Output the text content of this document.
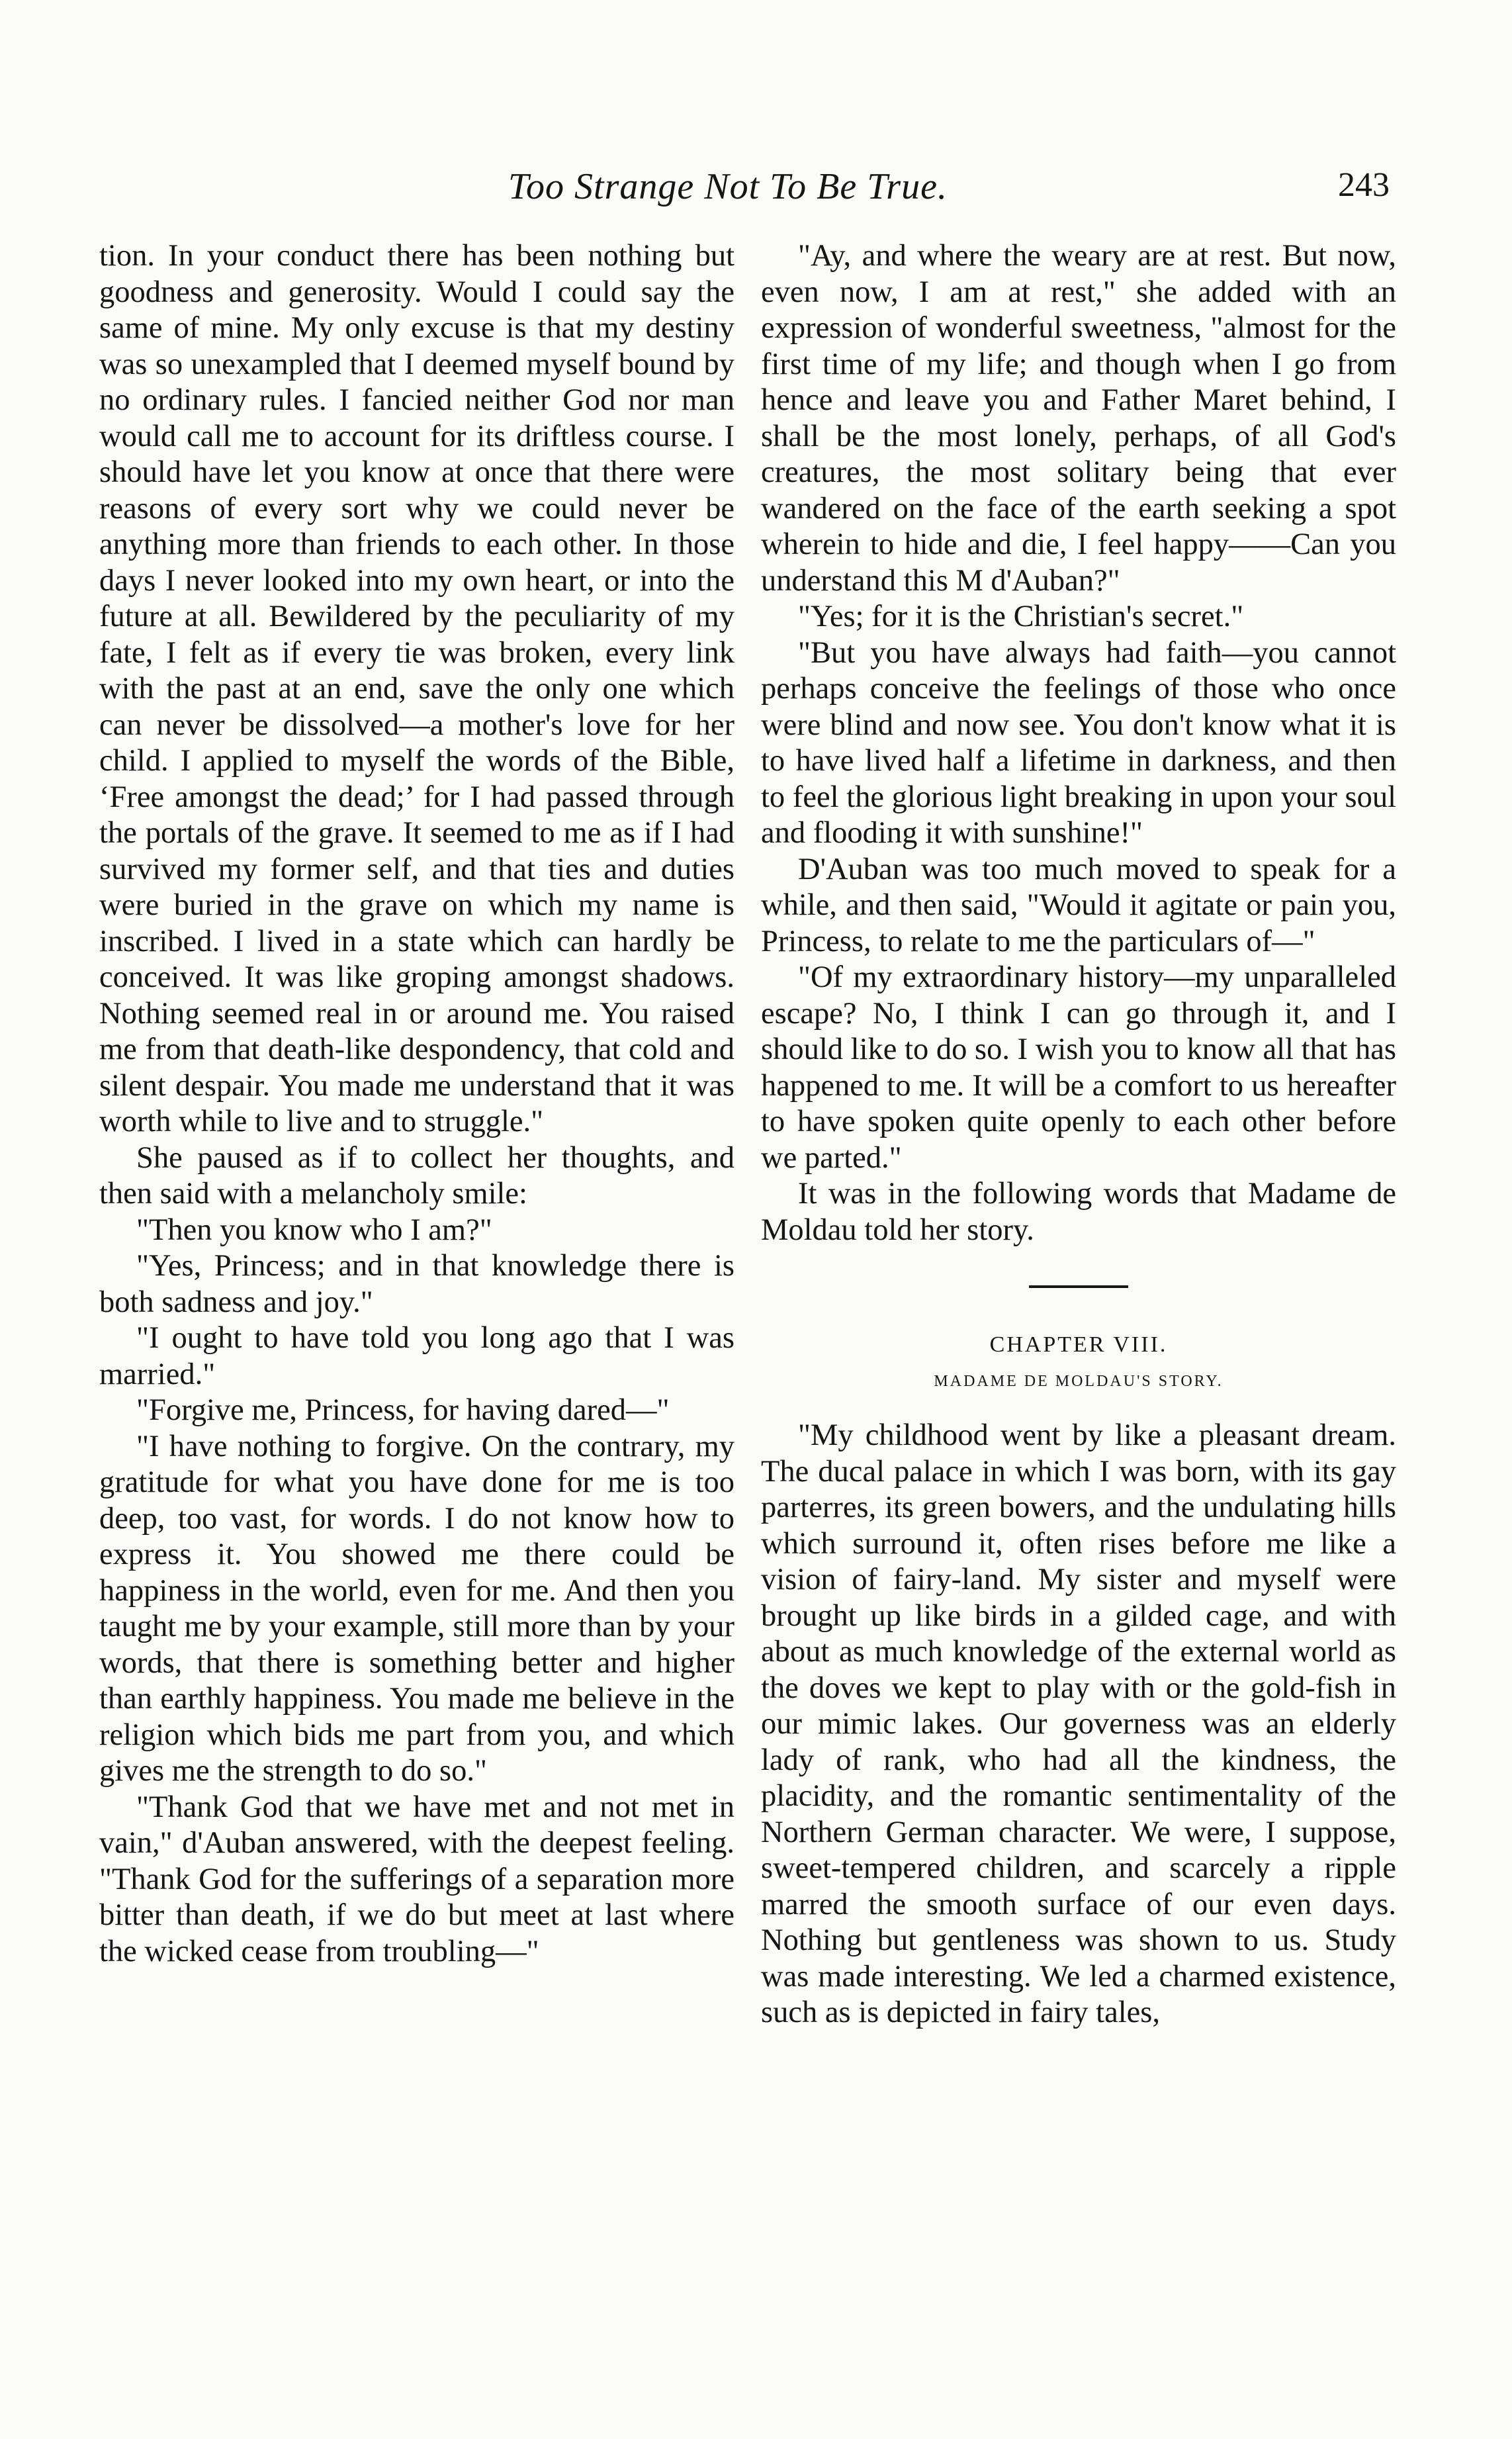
Too Strange Not To Be True.	243

tion. In your conduct there has been nothing but goodness and generosity. Would I could say the same of mine. My only excuse is that my destiny was so unexampled that I deemed myself bound by no ordinary rules. I fancied neither God nor man would call me to account for its driftless course. I should have let you know at once that there were reasons of every sort why we could never be anything more than friends to each other. In those days I never looked into my own heart, or into the future at all. Bewildered by the peculiarity of my fate, I felt as if every tie was broken, every link with the past at an end, save the only one which can never be dissolved—a mother's love for her child. I applied to myself the words of the Bible, ‘Free amongst the dead;’ for I had passed through the portals of the grave. It seemed to me as if I had survived my former self, and that ties and duties were buried in the grave on which my name is inscribed. I lived in a state which can hardly be conceived. It was like groping amongst shadows. Nothing seemed real in or around me. You raised me from that death-like despondency, that cold and silent despair. You made me understand that it was worth while to live and to struggle."

She paused as if to collect her thoughts, and then said with a melancholy smile:

"Then you know who I am?"

"Yes, Princess; and in that knowledge there is both sadness and joy."

"I ought to have told you long ago that I was married."

"Forgive me, Princess, for having dared—"

"I have nothing to forgive. On the contrary, my gratitude for what you have done for me is too deep, too vast, for words. I do not know how to express it. You showed me there could be happiness in the world, even for me. And then you taught me by your example, still more than by your words, that there is something better and higher than earthly happiness. You made me believe in the religion which bids me part from you, and which gives me the strength to do so."

"Thank God that we have met and not met in vain," d'Auban answered, with the deepest feeling. "Thank God for the sufferings of a separation more bitter than death, if we do but meet at last where the wicked cease from troubling—"

"Ay, and where the weary are at rest. But now, even now, I am at rest," she added with an expression of wonderful sweetness, "almost for the first time of my life; and though when I go from hence and leave you and Father Maret behind, I shall be the most lonely, perhaps, of all God's creatures, the most solitary being that ever wandered on the face of the earth seeking a spot wherein to hide and die, I feel happy——Can you understand this M d'Auban?"

"Yes; for it is the Christian's secret."

"But you have always had faith—you cannot perhaps conceive the feelings of those who once were blind and now see. You don't know what it is to have lived half a lifetime in darkness, and then to feel the glorious light breaking in upon your soul and flooding it with sunshine!"

D'Auban was too much moved to speak for a while, and then said, "Would it agitate or pain you, Princess, to relate to me the particulars of—"

"Of my extraordinary history—my unparalleled escape? No, I think I can go through it, and I should like to do so. I wish you to know all that has happened to me. It will be a comfort to us hereafter to have spoken quite openly to each other before we parted."

It was in the following words that Madame de Moldau told her story.

CHAPTER VIII.
MADAME DE MOLDAU'S STORY.

"My childhood went by like a pleasant dream. The ducal palace in which I was born, with its gay parterres, its green bowers, and the undulating hills which surround it, often rises before me like a vision of fairy-land. My sister and myself were brought up like birds in a gilded cage, and with about as much knowledge of the external world as the doves we kept to play with or the gold-fish in our mimic lakes. Our governess was an elderly lady of rank, who had all the kindness, the placidity, and the romantic sentimentality of the Northern German character. We were, I suppose, sweet-tempered children, and scarcely a ripple marred the smooth surface of our even days. Nothing but gentleness was shown to us. Study was made interesting. We led a charmed existence, such as is depicted in fairy tales,
